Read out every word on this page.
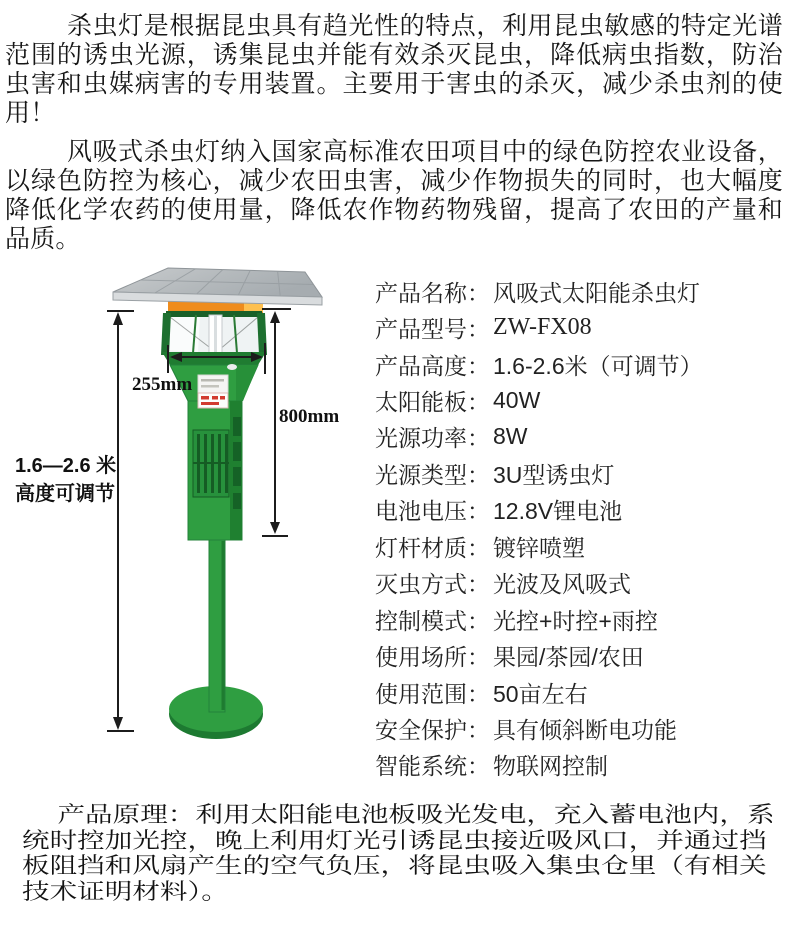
杀虫灯是根据昆虫具有趋光性的特点，利用昆虫敏感的特定光谱范围的诱虫光源，诱集昆虫并能有效杀灭昆虫，降低病虫指数，防治虫害和虫媒病害的专用装置。主要用于害虫的杀灭，减少杀虫剂的使用！

风吸式杀虫灯纳入国家高标准农田项目中的绿色防控农业设备，以绿色防控为核心，减少农田虫害，减少作物损失的同时，也大幅度降低化学农药的使用量，降低农作物药物残留，提高了农田的产量和品质。

255mm
800mm
1.6—2.6 米
高度可调节
产品名称： 风吸式太阳能杀虫灯
产品型号： ZW-FX08
产品高度： 1.6-2.6米（可调节）
太阳能板： 40W
光源功率： 8W
光源类型： 3U型诱虫灯
电池电压： 12.8V锂电池
灯杆材质： 镀锌喷塑
灭虫方式： 光波及风吸式
控制模式： 光控+时控+雨控
使用场所： 果园/茶园/农田
使用范围： 50亩左右
安全保护： 具有倾斜断电功能
智能系统： 物联网控制

产品原理：利用太阳能电池板吸光发电，充入蓄电池内，系统时控加光控，晚上利用灯光引诱昆虫接近吸风口，并通过挡板阻挡和风扇产生的空气负压，将昆虫吸入集虫仓里（有相关技术证明材料）。
